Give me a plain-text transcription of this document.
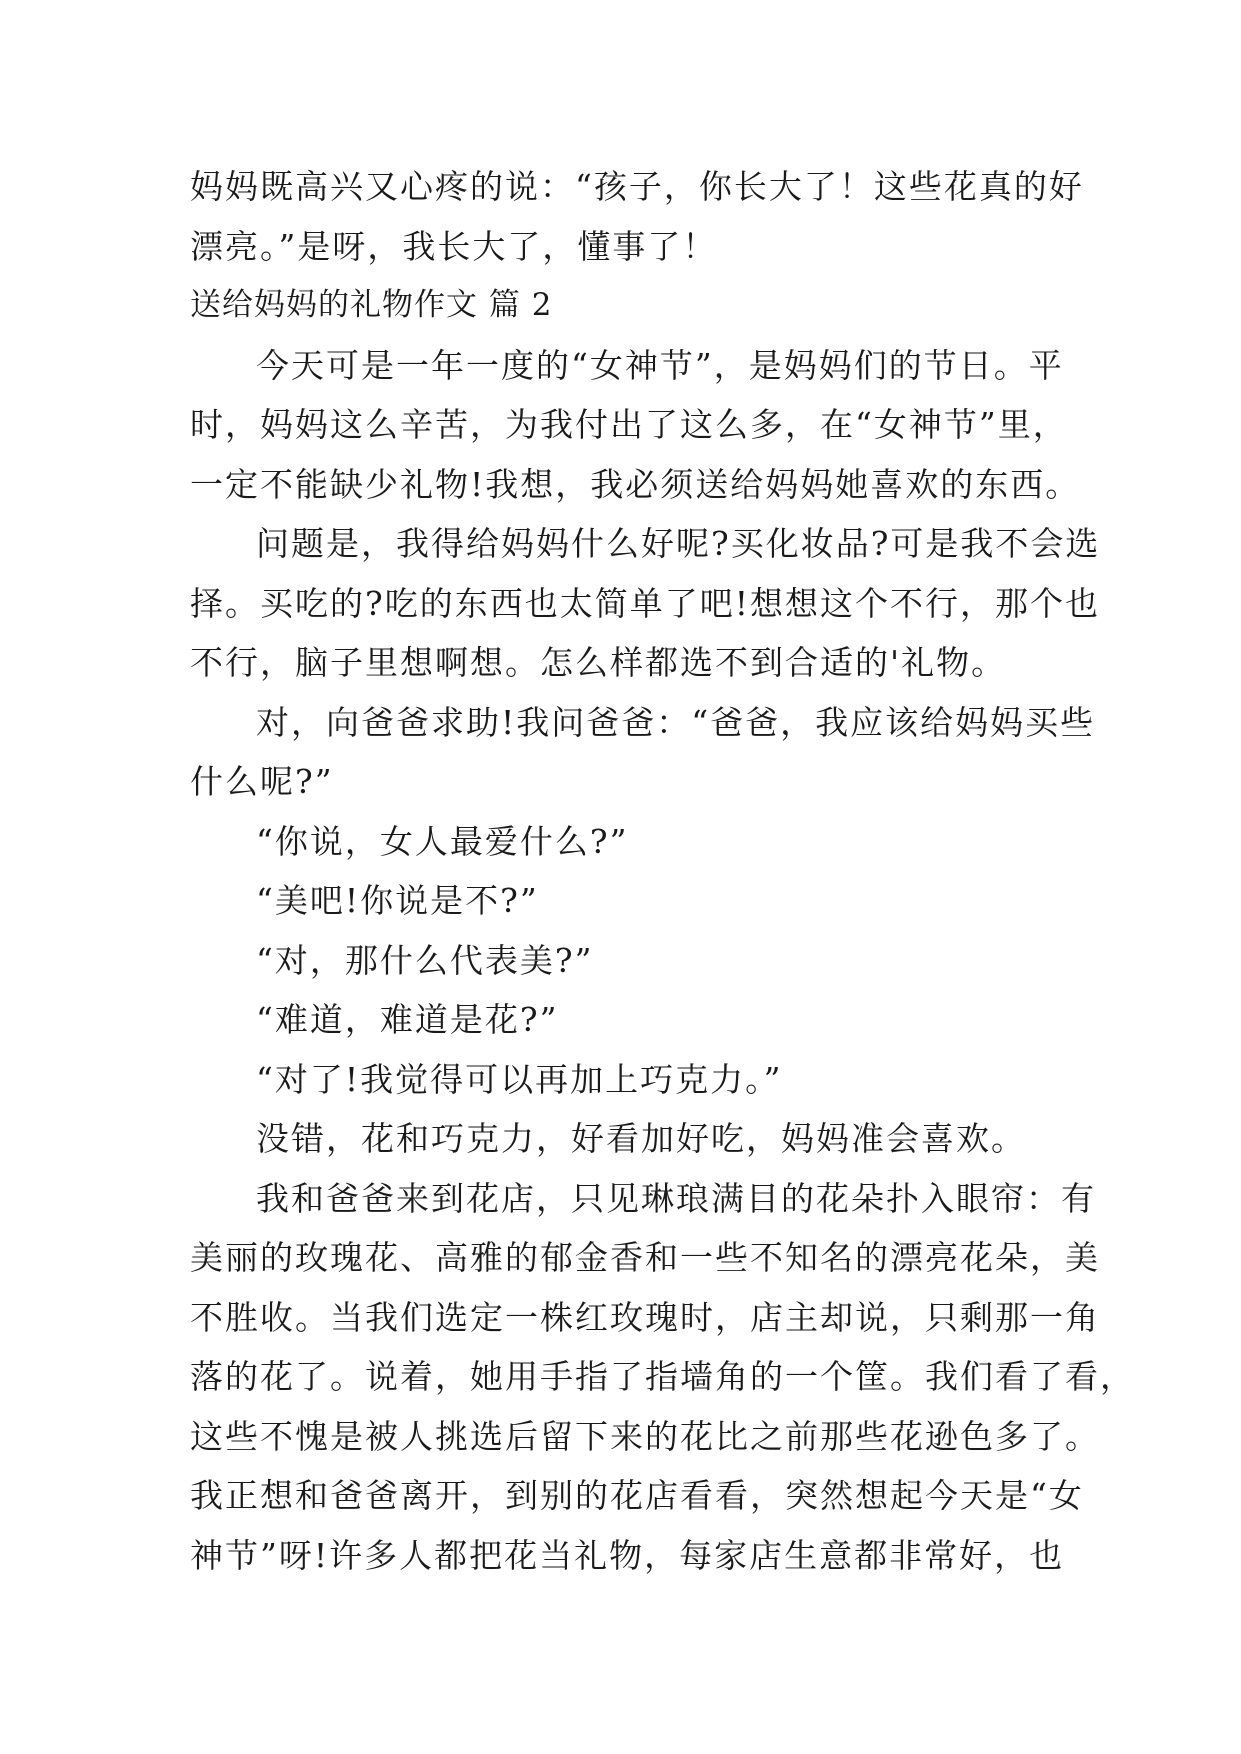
妈妈既高兴又心疼的说：“孩子，你长大了！这些花真的好
漂亮。”是呀，我长大了，懂事了！
送给妈妈的礼物作文 篇 2
今天可是一年一度的“女神节”，是妈妈们的节日。平
时，妈妈这么辛苦，为我付出了这么多，在“女神节”里，
一定不能缺少礼物!我想，我必须送给妈妈她喜欢的东西。
问题是，我得给妈妈什么好呢?买化妆品?可是我不会选
择。买吃的?吃的东西也太简单了吧!想想这个不行，那个也
不行，脑子里想啊想。怎么样都选不到合适的'礼物。
对，向爸爸求助!我问爸爸：“爸爸，我应该给妈妈买些
什么呢?”
“你说，女人最爱什么?”
“美吧!你说是不?”
“对，那什么代表美?”
“难道，难道是花?”
“对了!我觉得可以再加上巧克力。”
没错，花和巧克力，好看加好吃，妈妈准会喜欢。
我和爸爸来到花店，只见琳琅满目的花朵扑入眼帘：有
美丽的玫瑰花、高雅的郁金香和一些不知名的漂亮花朵，美
不胜收。当我们选定一株红玫瑰时，店主却说，只剩那一角
落的花了。说着，她用手指了指墙角的一个筐。我们看了看，
这些不愧是被人挑选后留下来的花比之前那些花逊色多了。
我正想和爸爸离开，到别的花店看看，突然想起今天是“女
神节”呀!许多人都把花当礼物，每家店生意都非常好，也
